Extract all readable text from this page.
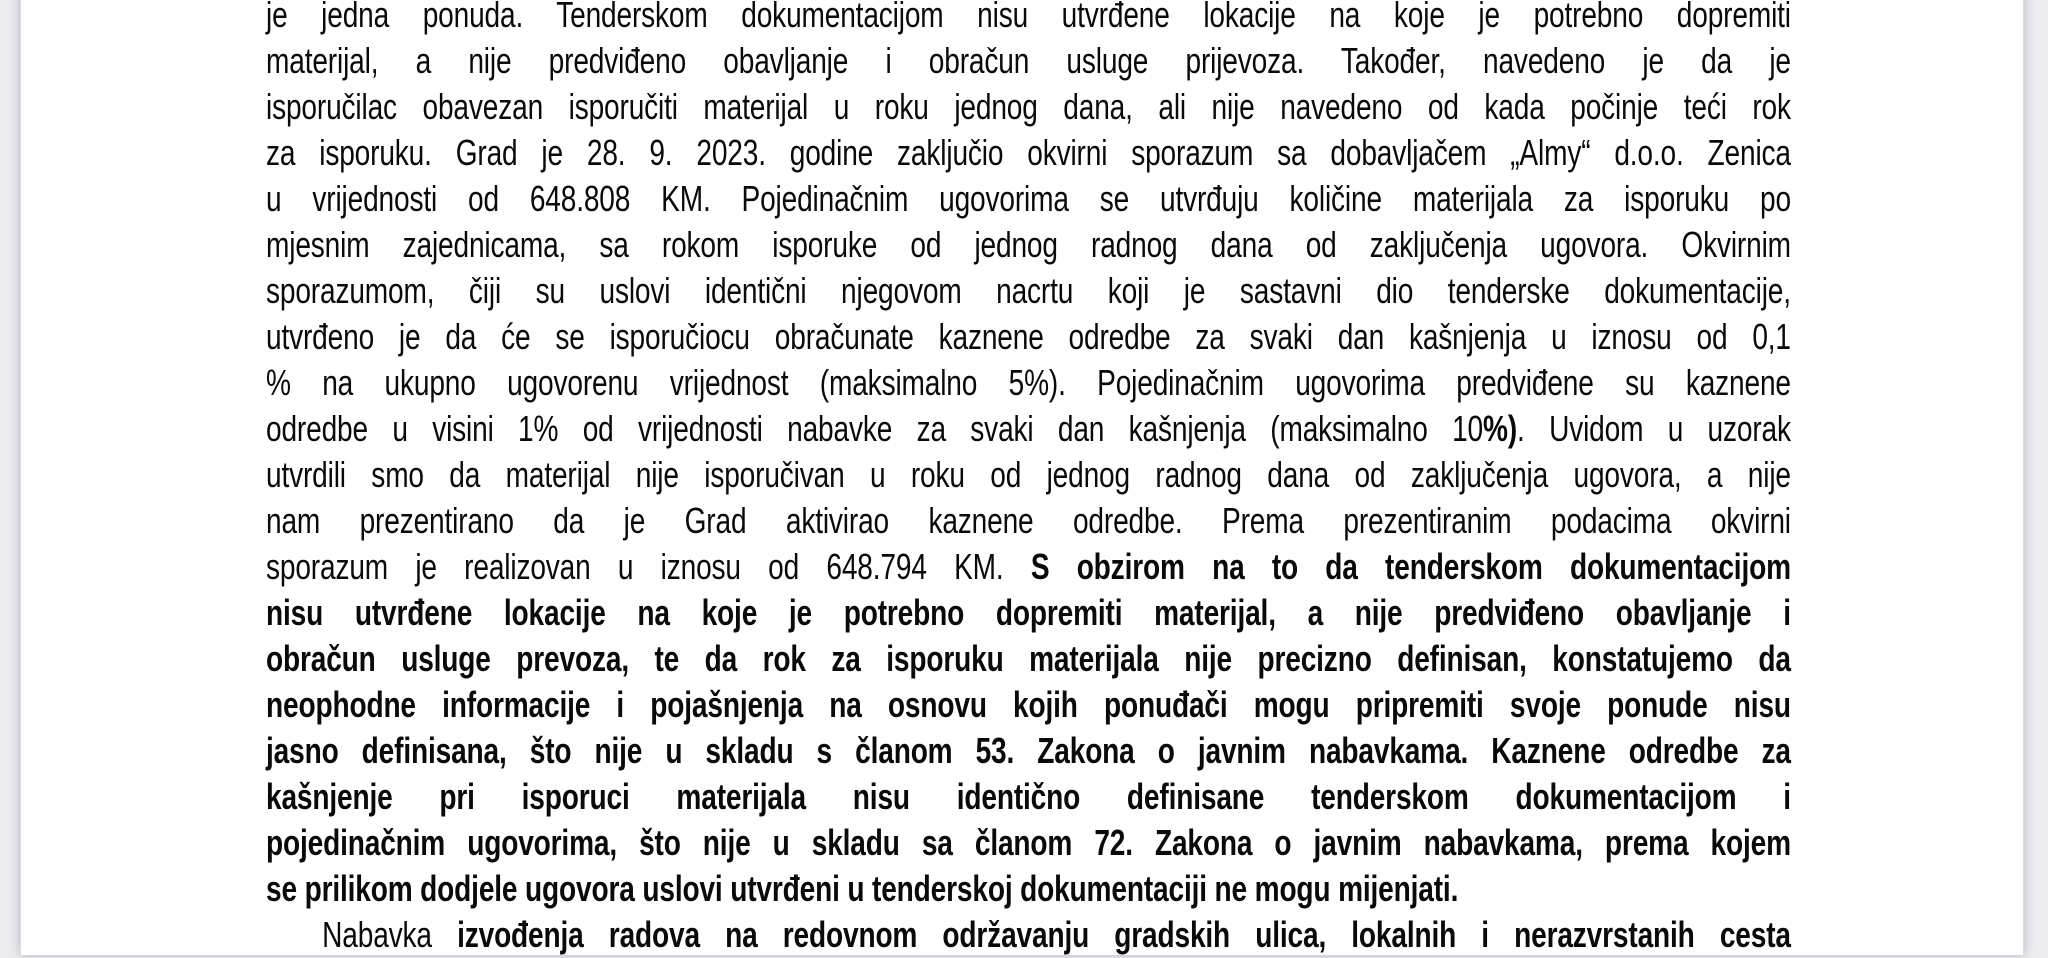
je jedna ponuda. Tenderskom dokumentacijom nisu utvrđene lokacije na koje je potrebno dopremiti
materijal, a nije predviđeno obavljanje i obračun usluge prijevoza. Također, navedeno je da je
isporučilac obavezan isporučiti materijal u roku jednog dana, ali nije navedeno od kada počinje teći rok
za isporuku. Grad je 28. 9. 2023. godine zaključio okvirni sporazum sa dobavljačem „Almy“ d.o.o. Zenica
u vrijednosti od 648.808 KM. Pojedinačnim ugovorima se utvrđuju količine materijala za isporuku po
mjesnim zajednicama, sa rokom isporuke od jednog radnog dana od zaključenja ugovora. Okvirnim
sporazumom, čiji su uslovi identični njegovom nacrtu koji je sastavni dio tenderske dokumentacije,
utvrđeno je da će se isporučiocu obračunate kaznene odredbe za svaki dan kašnjenja u iznosu od 0,1
% na ukupno ugovorenu vrijednost (maksimalno 5%). Pojedinačnim ugovorima predviđene su kaznene
odredbe u visini 1% od vrijednosti nabavke za svaki dan kašnjenja (maksimalno 10%). Uvidom u uzorak
utvrdili smo da materijal nije isporučivan u roku od jednog radnog dana od zaključenja ugovora, a nije
nam prezentirano da je Grad aktivirao kaznene odredbe. Prema prezentiranim podacima okvirni
sporazum je realizovan u iznosu od 648.794 KM. S obzirom na to da tenderskom dokumentacijom
nisu utvrđene lokacije na koje je potrebno dopremiti materijal, a nije predviđeno obavljanje i
obračun usluge prevoza, te da rok za isporuku materijala nije precizno definisan, konstatujemo da
neophodne informacije i pojašnjenja na osnovu kojih ponuđači mogu pripremiti svoje ponude nisu
jasno definisana, što nije u skladu s članom 53. Zakona o javnim nabavkama. Kaznene odredbe za
kašnjenje pri isporuci materijala nisu identično definisane tenderskom dokumentacijom i
pojedinačnim ugovorima, što nije u skladu sa članom 72. Zakona o javnim nabavkama, prema kojem
se prilikom dodjele ugovora uslovi utvrđeni u tenderskoj dokumentaciji ne mogu mijenjati.
Nabavka izvođenja radova na redovnom održavanju gradskih ulica, lokalnih i nerazvrstanih cesta
